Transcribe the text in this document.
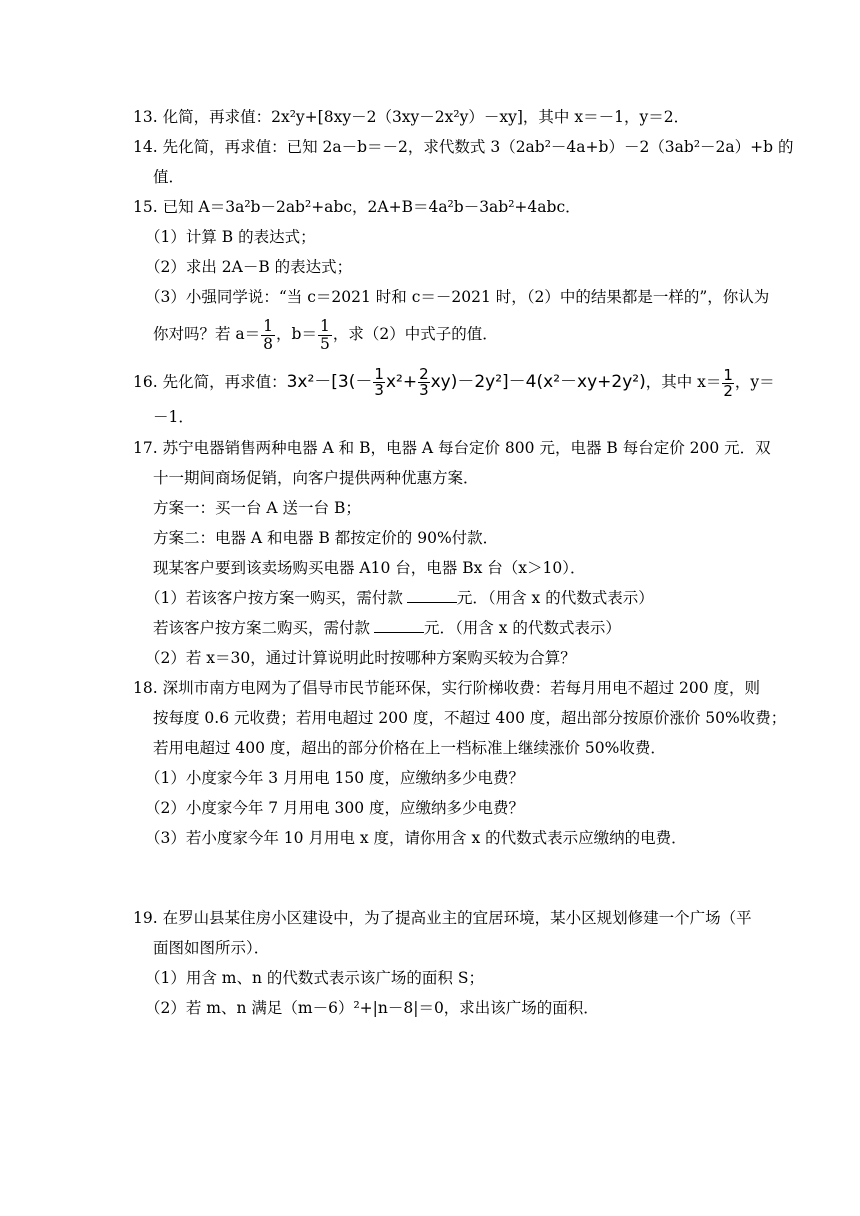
13. 化简，再求值：2x²y+[8xy－2（3xy－2x²y）－xy]，其中 x＝－1，y＝2．
14. 先化简，再求值：已知 2a－b＝－2，求代数式 3（2ab²－4a+b）－2（3ab²－2a）+b 的
值．
15. 已知 A＝3a²b－2ab²+abc，2A+B＝4a²b－3ab²+4abc．
（1）计算 B 的表达式；
（2）求出 2A－B 的表达式；
（3）小强同学说：“当 c＝2021 时和 c＝－2021 时，（2）中的结果都是一样的”，你认为
你对吗？若 $a= \frac{1}{8}$ ，$b= \frac{1}{5}$ ，求（2）中式子的值．
16. 先化简，再求值：$3x^2-[3(- \frac{1}{3} x^2+ \frac{2}{3} xy)-2y^2]-4(x^2-xy+2y^2)$，其中 $x= \frac{1}{2}$ ，y＝
－1．
17. 苏宁电器销售两种电器 A 和 B，电器 A 每台定价 800 元，电器 B 每台定价 200 元．双
十一期间商场促销，向客户提供两种优惠方案．
方案一：买一台 A 送一台 B；
方案二：电器 A 和电器 B 都按定价的 90%付款．
现某客户要到该卖场购买电器 A10 台，电器 Bx 台（x＞10）．
（1）若该客户按方案一购买，需付款	元．（用含 x 的代数式表示）
若该客户按方案二购买，需付款	元．（用含 x 的代数式表示）
（2）若 x＝30，通过计算说明此时按哪种方案购买较为合算？
18. 深圳市南方电网为了倡导市民节能环保，实行阶梯收费：若每月用电不超过 200 度，则
按每度 0.6 元收费；若用电超过 200 度，不超过 400 度，超出部分按原价涨价 50%收费；
若用电超过 400 度，超出的部分价格在上一档标准上继续涨价 50%收费．
（1）小度家今年 3 月用电 150 度，应缴纳多少电费？
（2）小度家今年 7 月用电 300 度，应缴纳多少电费？
（3）若小度家今年 10 月用电 x 度，请你用含 x 的代数式表示应缴纳的电费．
19. 在罗山县某住房小区建设中，为了提高业主的宜居环境，某小区规划修建一个广场（平
面图如图所示）．
（1）用含 m、n 的代数式表示该广场的面积 S；
（2）若 m、n 满足（m－6）²+|n－8|＝0，求出该广场的面积．
